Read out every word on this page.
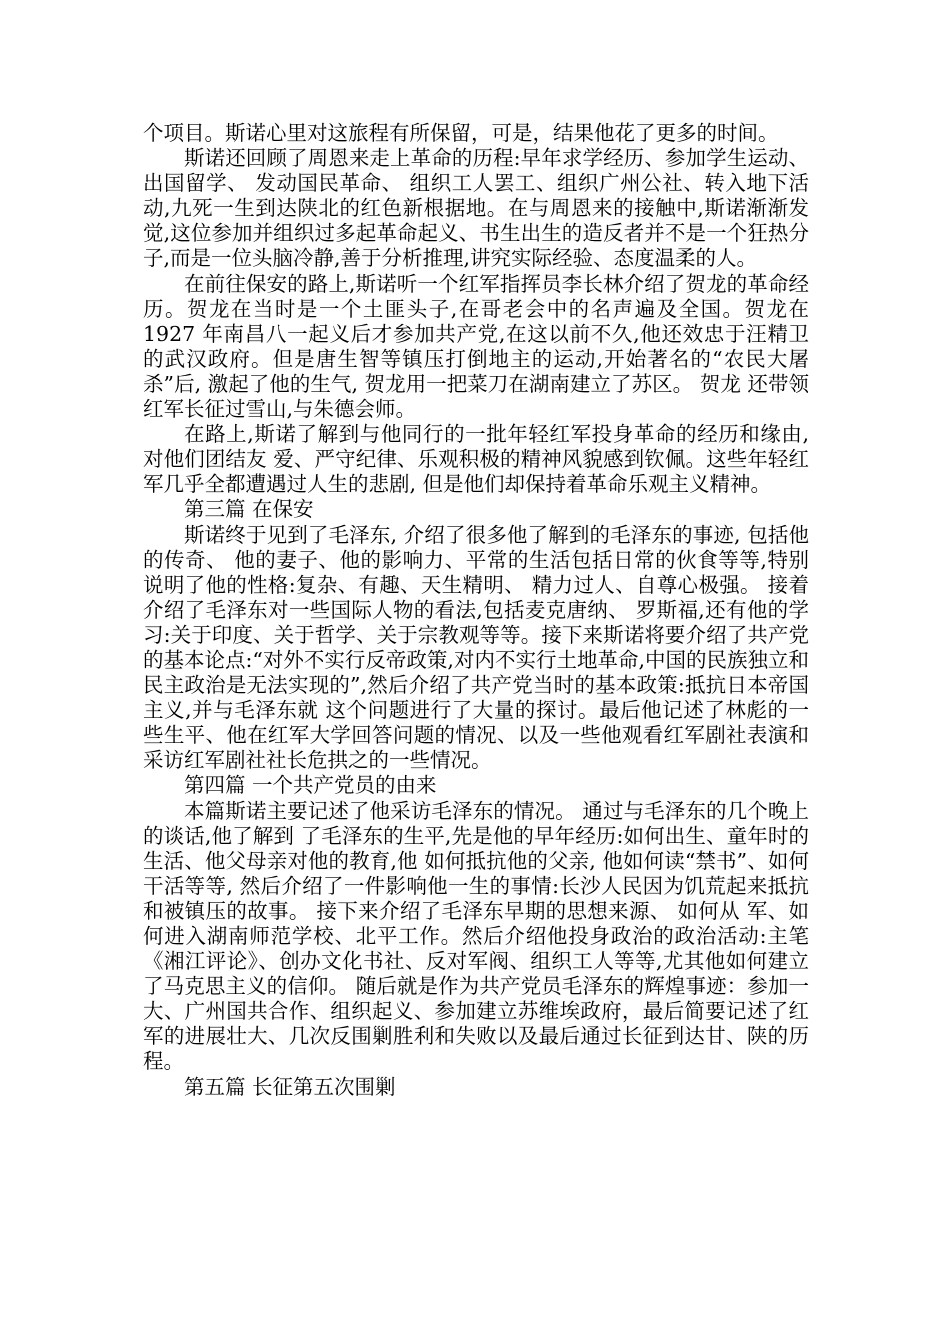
个项目。斯诺心里对这旅程有所保留，可是，结果他花了更多的时间。

斯诺还回顾了周恩来走上革命的历程:早年求学经历、参加学生运动、出国留学、 发动国民革命、 组织工人罢工、组织广州公社、转入地下活动,九死一生到达陕北的红色新根据地。在与周恩来的接触中,斯诺渐渐发觉,这位参加并组织过多起革命起义、书生出生的造反者并不是一个狂热分子,而是一位头脑冷静,善于分析推理,讲究实际经验、态度温柔的人。

在前往保安的路上,斯诺听一个红军指挥员李长林介绍了贺龙的革命经历。贺龙在当时是一个土匪头子,在哥老会中的名声遍及全国。贺龙在 1927 年南昌八一起义后才参加共产党,在这以前不久,他还效忠于汪精卫的武汉政府。但是唐生智等镇压打倒地主的运动,开始著名的“农民大屠杀”后, 激起了他的生气, 贺龙用一把菜刀在湖南建立了苏区。 贺龙 还带领红军长征过雪山,与朱德会师。

在路上,斯诺了解到与他同行的一批年轻红军投身革命的经历和缘由,对他们团结友 爱、严守纪律、乐观积极的精神风貌感到钦佩。这些年轻红军几乎全都遭遇过人生的悲剧, 但是他们却保持着革命乐观主义精神。

第三篇 在保安

斯诺终于见到了毛泽东, 介绍了很多他了解到的毛泽东的事迹, 包括他的传奇、 他的妻子、他的影响力、平常的生活包括日常的伙食等等,特别说明了他的性格:复杂、有趣、天生精明、 精力过人、自尊心极强。 接着介绍了毛泽东对一些国际人物的看法,包括麦克唐纳、 罗斯福,还有他的学习:关于印度、关于哲学、关于宗教观等等。接下来斯诺将要介绍了共产党的基本论点:“对外不实行反帝政策,对内不实行土地革命,中国的民族独立和民主政治是无法实现的”,然后介绍了共产党当时的基本政策:抵抗日本帝国主义,并与毛泽东就 这个问题进行了大量的探讨。最后他记述了林彪的一些生平、他在红军大学回答问题的情况、以及一些他观看红军剧社表演和采访红军剧社社长危拱之的一些情况。

第四篇 一个共产党员的由来

本篇斯诺主要记述了他采访毛泽东的情况。 通过与毛泽东的几个晚上的谈话,他了解到 了毛泽东的生平,先是他的早年经历:如何出生、童年时的生活、他父母亲对他的教育,他 如何抵抗他的父亲, 他如何读“禁书”、如何干活等等, 然后介绍了一件影响他一生的事情:长沙人民因为饥荒起来抵抗和被镇压的故事。 接下来介绍了毛泽东早期的思想来源、 如何从 军、如何进入湖南师范学校、北平工作。然后介绍他投身政治的政治活动:主笔 《湘江评论》、创办文化书社、反对军阀、组织工人等等,尤其他如何建立了马克思主义的信仰。 随后就是作为共产党员毛泽东的辉煌事迹：参加一大、广州国共合作、组织起义、参加建立苏维埃政府，最后简要记述了红军的进展壮大、几次反围剿胜利和失败以及最后通过长征到达甘、陕的历程。

第五篇 长征第五次围剿
